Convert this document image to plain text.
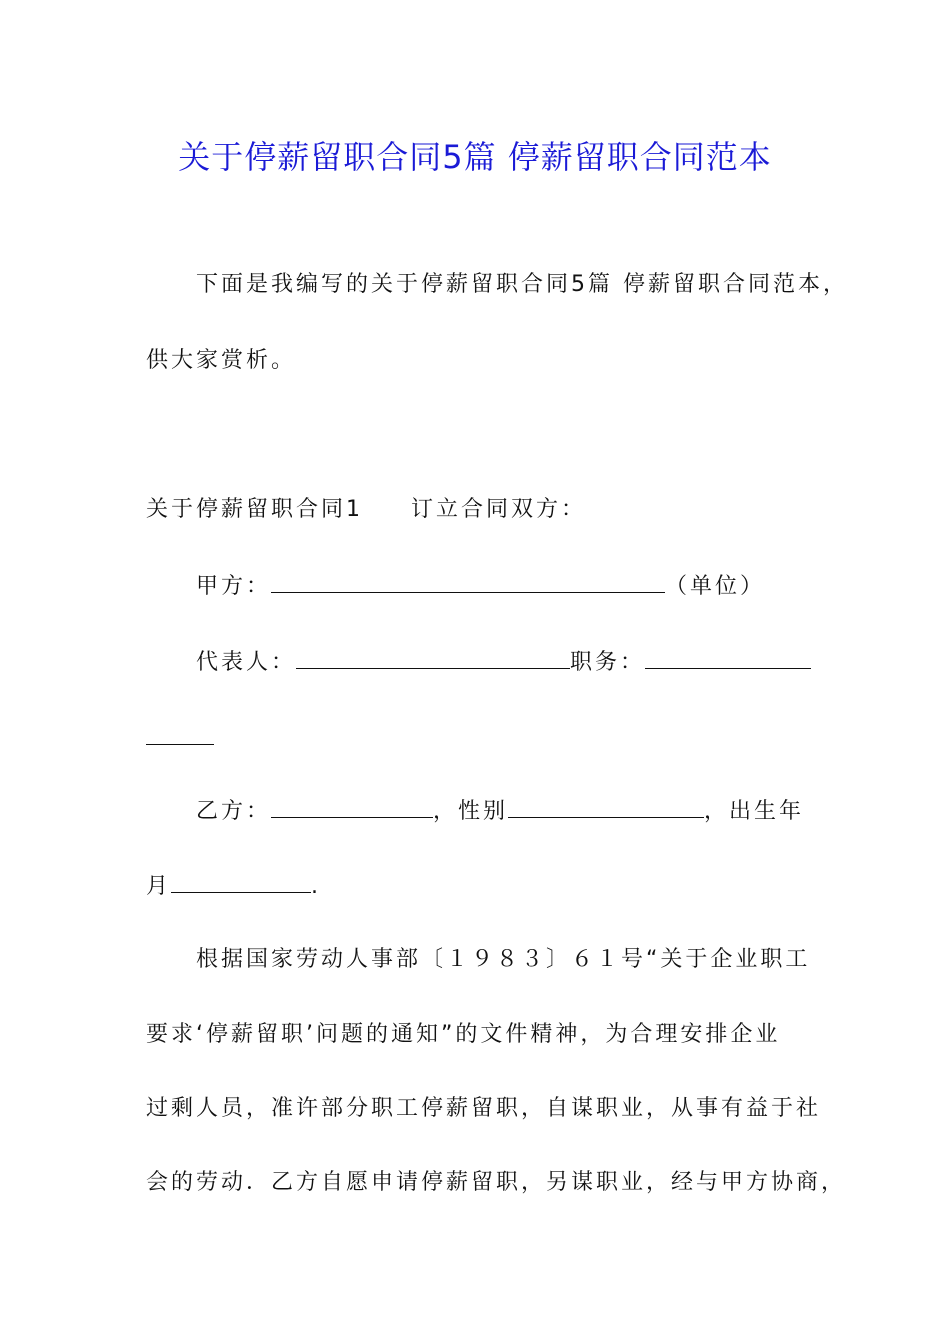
关于停薪留职合同5篇 停薪留职合同范本
下面是我编写的关于停薪留职合同5篇 停薪留职合同范本，
供大家赏析。
关于停薪留职合同1 订立合同双方：
甲方：	（单位）
代表人：	职务：
乙方：	，性别	，出生年
月	.
根据国家劳动人事部〔１９８３〕６１号“关于企业职工
要求‘停薪留职’问题的通知”的文件精神，为合理安排企业
过剩人员，准许部分职工停薪留职，自谋职业，从事有益于社
会的劳动．乙方自愿申请停薪留职，另谋职业，经与甲方协商，
